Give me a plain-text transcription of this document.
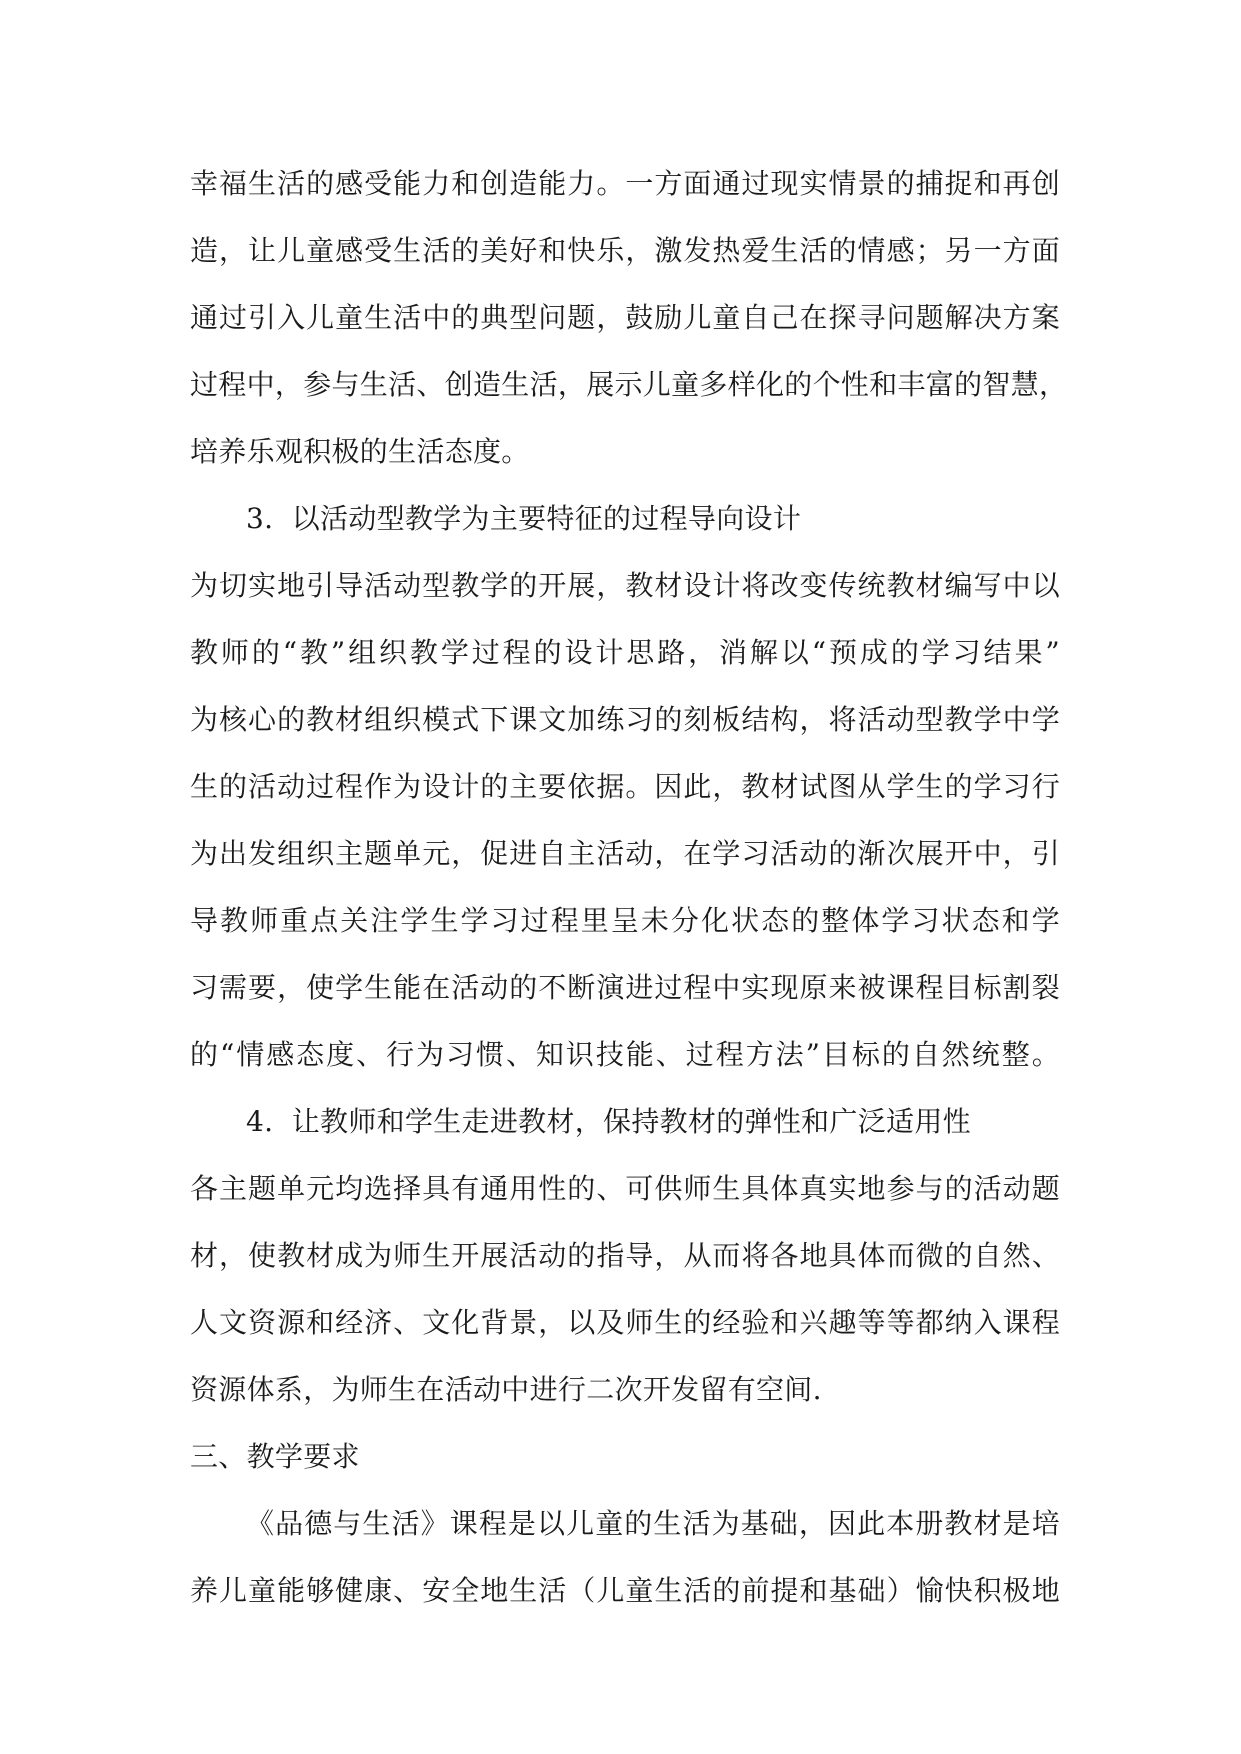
幸福生活的感受能力和创造能力。一方面通过现实情景的捕捉和再创
造，让儿童感受生活的美好和快乐，激发热爱生活的情感；另一方面
通过引入儿童生活中的典型问题，鼓励儿童自己在探寻问题解决方案
过程中，参与生活、创造生活，展示儿童多样化的个性和丰富的智慧，
培养乐观积极的生活态度。
3.  以活动型教学为主要特征的过程导向设计
为切实地引导活动型教学的开展，教材设计将改变传统教材编写中以
教师的“教”组织教学过程的设计思路，消解以“预成的学习结果”
为核心的教材组织模式下课文加练习的刻板结构，将活动型教学中学
生的活动过程作为设计的主要依据。因此，教材试图从学生的学习行
为出发组织主题单元，促进自主活动，在学习活动的渐次展开中，引
导教师重点关注学生学习过程里呈未分化状态的整体学习状态和学
习需要，使学生能在活动的不断演进过程中实现原来被课程目标割裂
的“情感态度、行为习惯、知识技能、过程方法”目标的自然统整。
4.  让教师和学生走进教材，保持教材的弹性和广泛适用性
各主题单元均选择具有通用性的、可供师生具体真实地参与的活动题
材，使教材成为师生开展活动的指导，从而将各地具体而微的自然、
人文资源和经济、文化背景，以及师生的经验和兴趣等等都纳入课程
资源体系，为师生在活动中进行二次开发留有空间.
三、教学要求
《品德与生活》课程是以儿童的生活为基础，因此本册教材是培
养儿童能够健康、安全地生活（儿童生活的前提和基础）愉快积极地
